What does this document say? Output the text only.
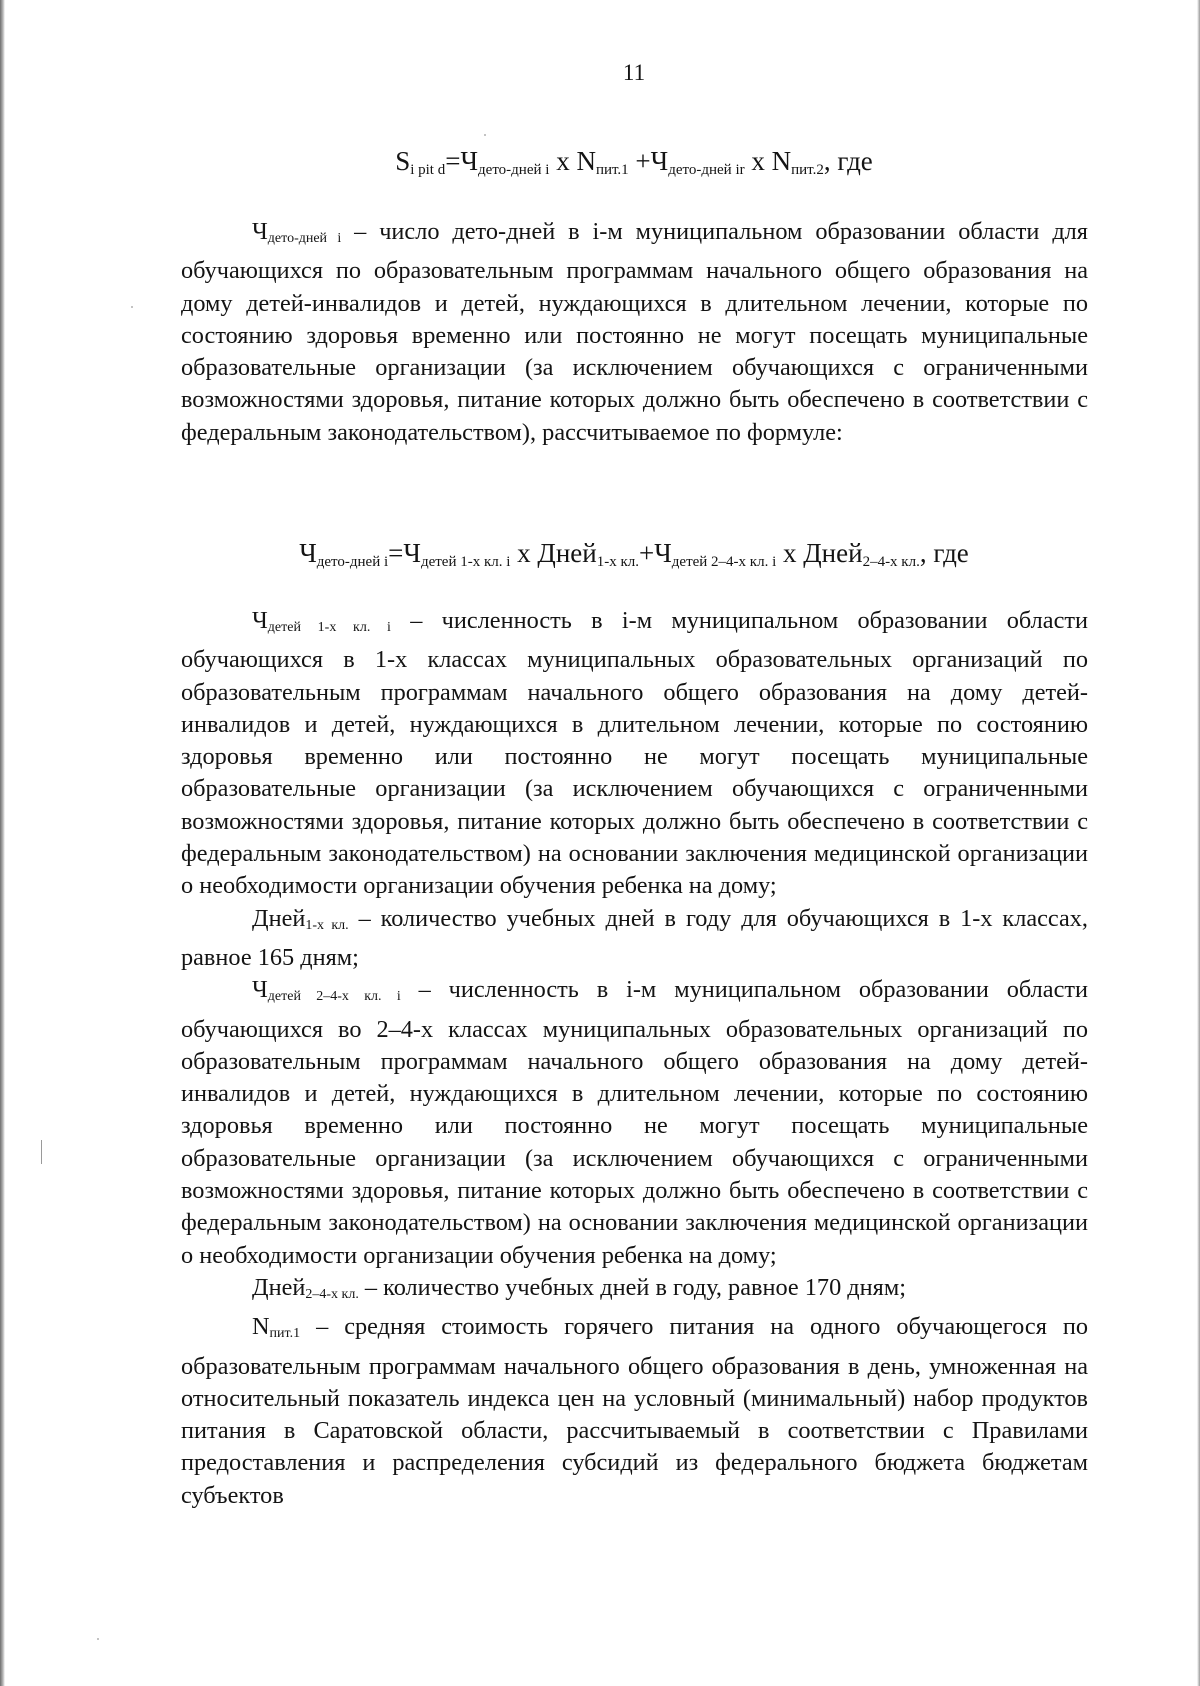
11
$S_{i pit d}=Ч_{дето-дней i}$ x $N_{пит.1} +Ч_{дето-дней ir}$ x $N_{пит.2}$, где

$Ч_{дето-дней i}$ – число дето-дней в i-м муниципальном образовании области для обучающихся по образовательным программам начального общего образования на дому детей-инвалидов и детей, нуждающихся в длительном лечении, которые по состоянию здоровья временно или постоянно не могут посещать муниципальные образовательные организации (за исключением обучающихся с ограниченными возможностями здоровья, питание которых должно быть обеспечено в соответствии с федеральным законодательством), рассчитываемое по формуле:

$Ч_{дето-дней i}=Ч_{детей 1-х кл. i}$ x $Дней_{1-х кл.}+Ч_{детей 2-4-х кл. i}$ x Дней$_{2-4-х кл.}$, где

$Ч_{детей 1-х кл. i}$ – численность в i-м муниципальном образовании области обучающихся в 1-х классах муниципальных образовательных организаций по образовательным программам начального общего образования на дому детей-инвалидов и детей, нуждающихся в длительном лечении, которые по состоянию здоровья временно или постоянно не могут посещать муниципальные образовательные организации (за исключением обучающихся с ограниченными возможностями здоровья, питание которых должно быть обеспечено в соответствии с федеральным законодательством) на основании заключения медицинской организации о необходимости организации обучения ребенка на дому;

Дней$_{1-х кл.}$ – количество учебных дней в году для обучающихся в 1-х классах, равное 165 дням;

$Ч_{детей 2-4-х кл. i}$ – численность в i-м муниципальном образовании области обучающихся во 2–4-х классах муниципальных образовательных организаций по образовательным программам начального общего образования на дому детей-инвалидов и детей, нуждающихся в длительном лечении, которые по состоянию здоровья временно или постоянно не могут посещать муниципальные образовательные организации (за исключением обучающихся с ограниченными возможностями здоровья, питание которых должно быть обеспечено в соответствии с федеральным законодательством) на основании заключения медицинской организации о необходимости организации обучения ребенка на дому;

Дней$_{2-4-х кл.}$ – количество учебных дней в году, равное 170 дням;

$N_{пит.1}$ – средняя стоимость горячего питания на одного обучающегося по образовательным программам начального общего образования в день, умноженная на относительный показатель индекса цен на условный (минимальный) набор продуктов питания в Саратовской области, рассчитываемый в соответствии с Правилами предоставления и распределения субсидий из федерального бюджета бюджетам субъектов
